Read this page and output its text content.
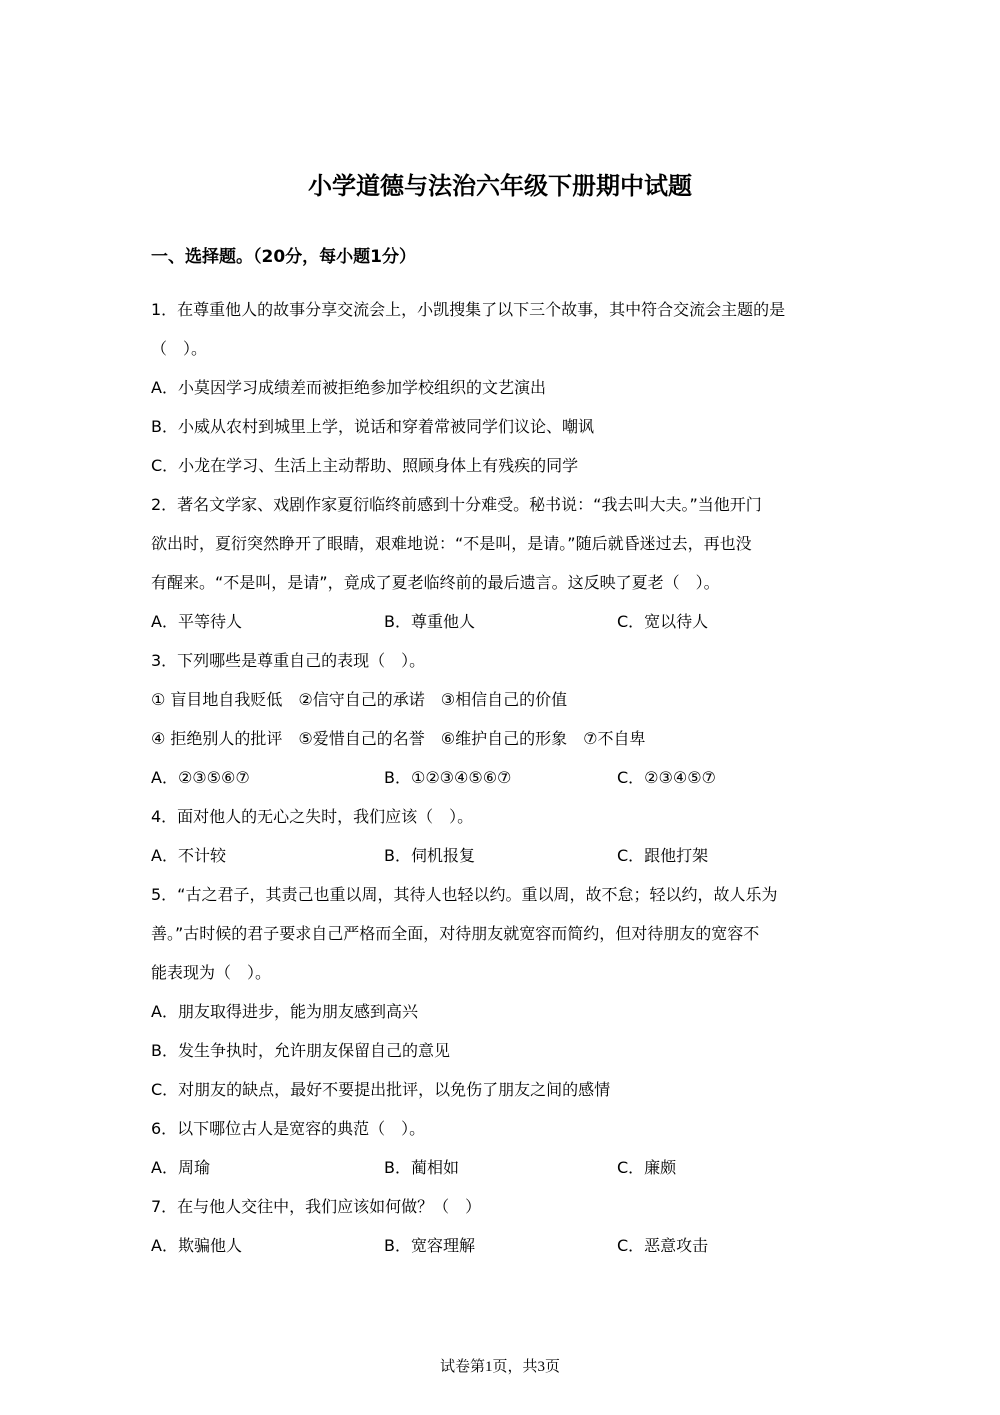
小学道德与法治六年级下册期中试题
一、选择题。（20分，每小题1分）
1．在尊重他人的故事分享交流会上，小凯搜集了以下三个故事，其中符合交流会主题的是
（　）。
A．小莫因学习成绩差而被拒绝参加学校组织的文艺演出
B．小威从农村到城里上学，说话和穿着常被同学们议论、嘲讽
C．小龙在学习、生活上主动帮助、照顾身体上有残疾的同学
2．著名文学家、戏剧作家夏衍临终前感到十分难受。秘书说：“我去叫大夫。”当他开门
欲出时，夏衍突然睁开了眼睛，艰难地说：“不是叫，是请。”随后就昏迷过去，再也没
有醒来。“不是叫，是请”，竟成了夏老临终前的最后遗言。这反映了夏老（　）。
A．平等待人	B．尊重他人	C．宽以待人
3．下列哪些是尊重自己的表现（　）。
① 盲目地自我贬低　②信守自己的承诺　③相信自己的价值
④ 拒绝别人的批评　⑤爱惜自己的名誉　⑥维护自己的形象　⑦不自卑
A．②③⑤⑥⑦	B．①②③④⑤⑥⑦	C．②③④⑤⑦
4．面对他人的无心之失时，我们应该（　）。
A．不计较	B．伺机报复	C．跟他打架
5．“古之君子，其责己也重以周，其待人也轻以约。重以周，故不怠；轻以约，故人乐为
善。”古时候的君子要求自己严格而全面，对待朋友就宽容而简约，但对待朋友的宽容不
能表现为（　）。
A．朋友取得进步，能为朋友感到高兴
B．发生争执时，允许朋友保留自己的意见
C．对朋友的缺点，最好不要提出批评，以免伤了朋友之间的感情
6．以下哪位古人是宽容的典范（　）。
A．周瑜	B．蔺相如	C．廉颇
7．在与他人交往中，我们应该如何做？（　）
A．欺骗他人	B．宽容理解	C．恶意攻击
试卷第1页，共3页
